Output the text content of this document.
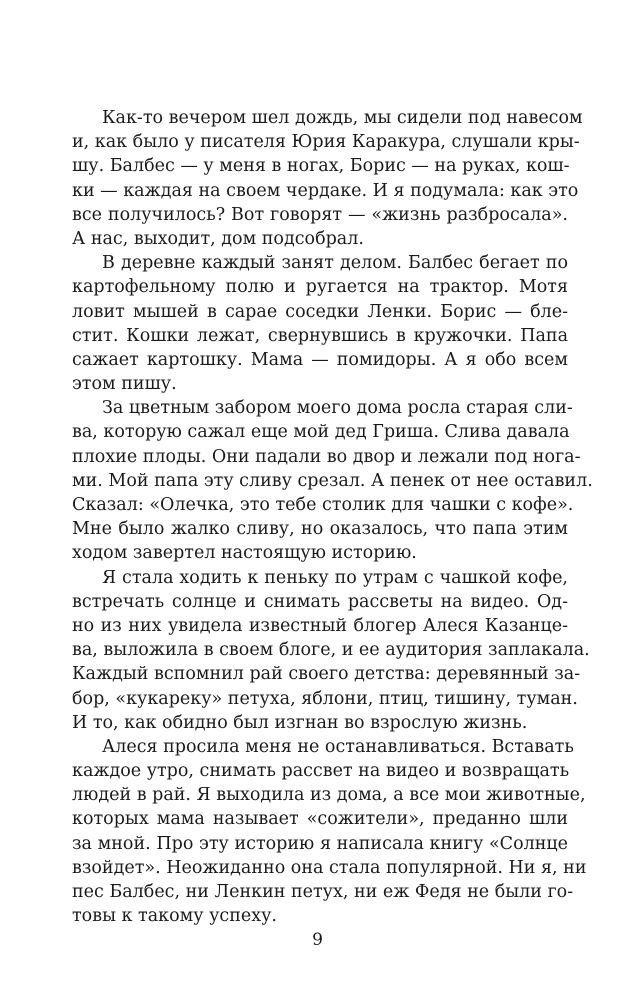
Как-то вечером шел дождь, мы сидели под навесом
и, как было у писателя Юрия Каракура, слушали кры-
шу. Балбес — у меня в ногах, Борис — на руках, кош-
ки — каждая на своем чердаке. И я подумала: как это
все получилось? Вот говорят — «жизнь разбросала».
А нас, выходит, дом подсобрал.
В деревне каждый занят делом. Балбес бегает по
картофельному полю и ругается на трактор. Мотя
ловит мышей в сарае соседки Ленки. Борис — бле-
стит. Кошки лежат, свернувшись в кружочки. Папа
сажает картошку. Мама — помидоры. А я обо всем
этом пишу.
За цветным забором моего дома росла старая сли-
ва, которую сажал еще мой дед Гриша. Слива давала
плохие плоды. Они падали во двор и лежали под нога-
ми. Мой папа эту сливу срезал. А пенек от нее оставил.
Сказал: «Олечка, это тебе столик для чашки с кофе».
Мне было жалко сливу, но оказалось, что папа этим
ходом завертел настоящую историю.
Я стала ходить к пеньку по утрам с чашкой кофе,
встречать солнце и снимать рассветы на видео. Од-
но из них увидела известный блогер Алеся Казанце-
ва, выложила в своем блоге, и ее аудитория заплакала.
Каждый вспомнил рай своего детства: деревянный за-
бор, «кукареку» петуха, яблони, птиц, тишину, туман.
И то, как обидно был изгнан во взрослую жизнь.
Алеся просила меня не останавливаться. Вставать
каждое утро, снимать рассвет на видео и возвращать
людей в рай. Я выходила из дома, а все мои животные,
которых мама называет «сожители», преданно шли
за мной. Про эту историю я написала книгу «Солнце
взойдет». Неожиданно она стала популярной. Ни я, ни
пес Балбес, ни Ленкин петух, ни еж Федя не были го-
товы к такому успеху.
9
